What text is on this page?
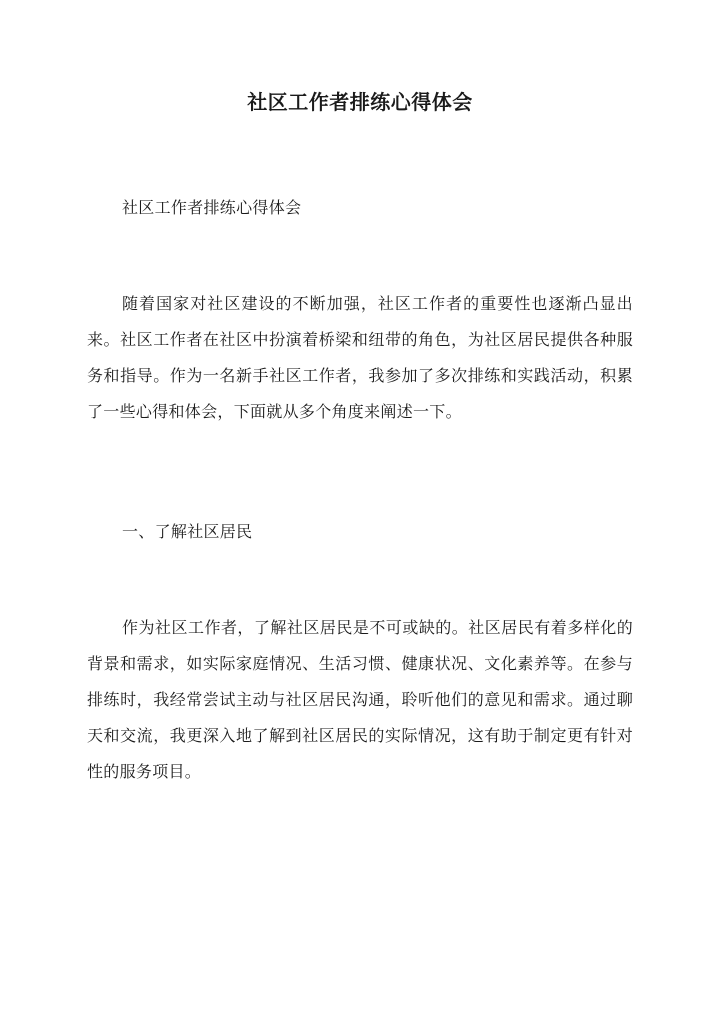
社区工作者排练心得体会

社区工作者排练心得体会

随着国家对社区建设的不断加强，社区工作者的重要性也逐渐凸显出来。社区工作者在社区中扮演着桥梁和纽带的角色，为社区居民提供各种服务和指导。作为一名新手社区工作者，我参加了多次排练和实践活动，积累了一些心得和体会，下面就从多个角度来阐述一下。

一、了解社区居民

作为社区工作者，了解社区居民是不可或缺的。社区居民有着多样化的背景和需求，如实际家庭情况、生活习惯、健康状况、文化素养等。在参与排练时，我经常尝试主动与社区居民沟通，聆听他们的意见和需求。通过聊天和交流，我更深入地了解到社区居民的实际情况，这有助于制定更有针对性的服务项目。
